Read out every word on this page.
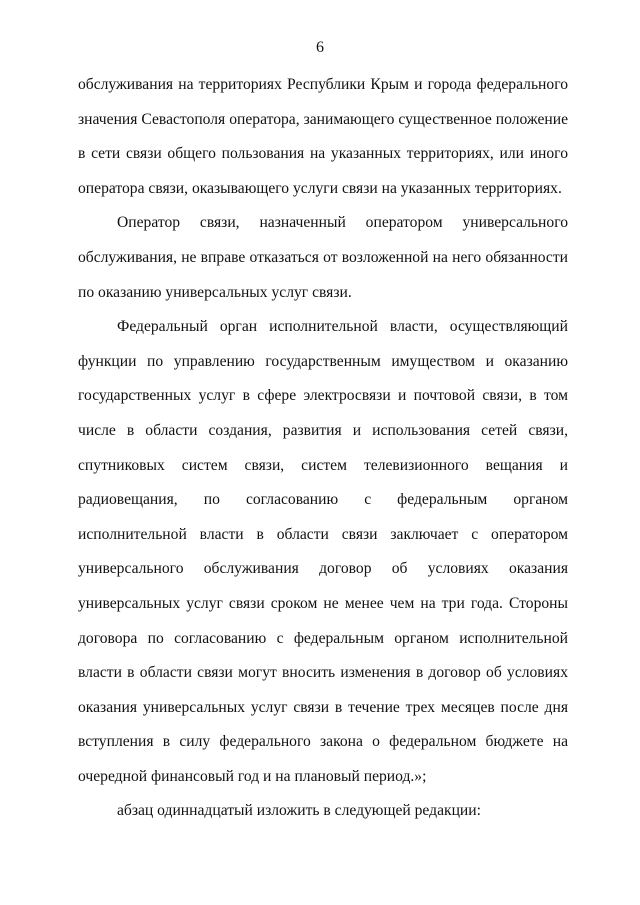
6

обслуживания на территориях Республики Крым и города федерального значения Севастополя оператора, занимающего существенное положение в сети связи общего пользования на указанных территориях, или иного оператора связи, оказывающего услуги связи на указанных территориях.

Оператор связи, назначенный оператором универсального обслуживания, не вправе отказаться от возложенной на него обязанности по оказанию универсальных услуг связи.

Федеральный орган исполнительной власти, осуществляющий функции по управлению государственным имуществом и оказанию государственных услуг в сфере электросвязи и почтовой связи, в том числе в области создания, развития и использования сетей связи, спутниковых систем связи, систем телевизионного вещания и радиовещания, по согласованию с федеральным органом исполнительной власти в области связи заключает с оператором универсального обслуживания договор об условиях оказания универсальных услуг связи сроком не менее чем на три года. Стороны договора по согласованию с федеральным органом исполнительной власти в области связи могут вносить изменения в договор об условиях оказания универсальных услуг связи в течение трех месяцев после дня вступления в силу федерального закона о федеральном бюджете на очередной финансовый год и на плановый период.»;

абзац одиннадцатый изложить в следующей редакции:
